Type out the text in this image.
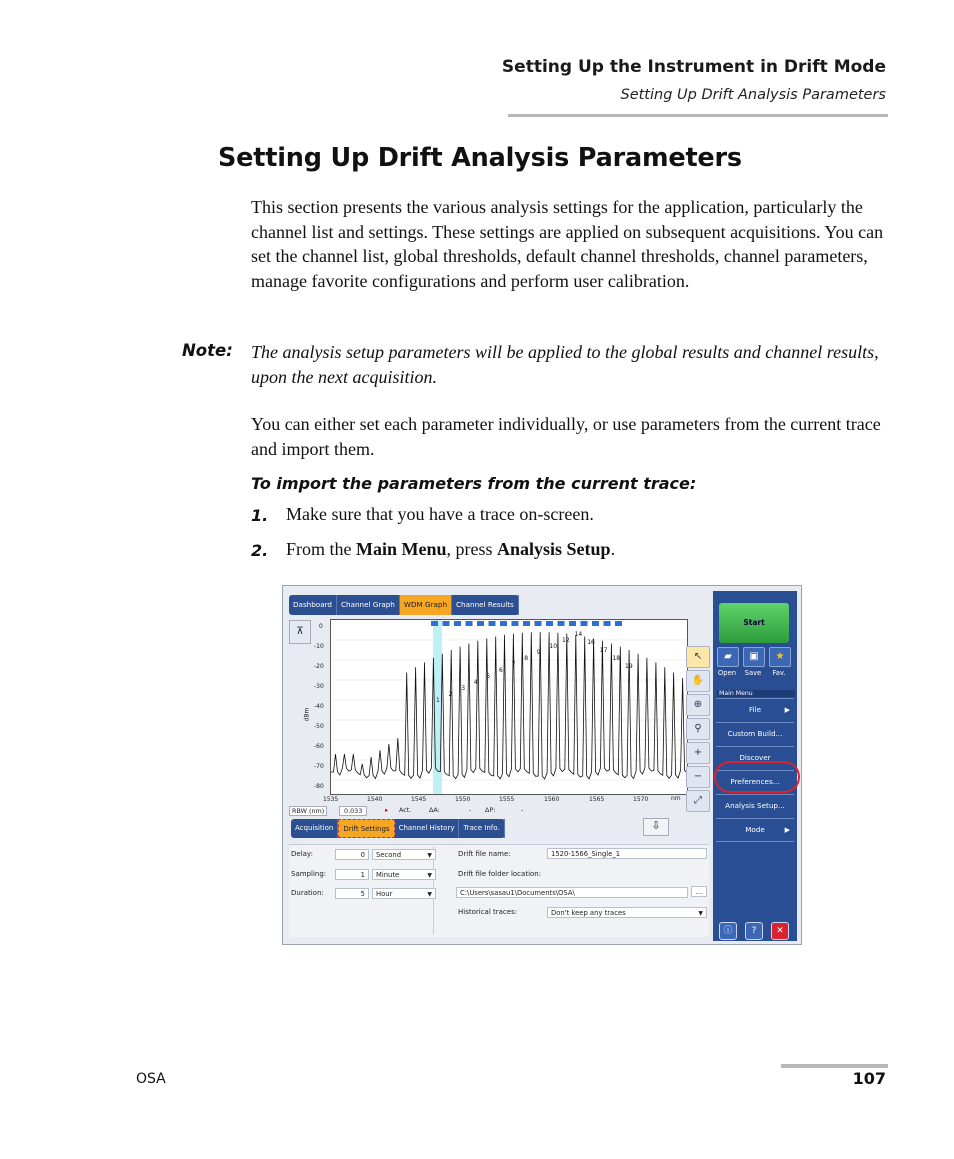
Setting Up the Instrument in Drift Mode
Setting Up Drift Analysis Parameters
Setting Up Drift Analysis Parameters

This section presents the various analysis settings for the application, particularly the channel list and settings. These settings are applied on subsequent acquisitions. You can set the channel list, global thresholds, default channel thresholds, channel parameters, manage favorite configurations and perform user calibration.

Note: The analysis setup parameters will be applied to the global results and channel results, upon the next acquisition.

You can either set each parameter individually, or use parameters from the current trace and import them.

To import the parameters from the current trace:
1. Make sure that you have a trace on-screen.
2. From the Main Menu, press Analysis Setup.
Dashboard	Channel Graph	WDM Graph	Channel Results
⊼
dBm
0
-10
-20
-30
-40
-50
-60
-70
-80
1
2
3
4
5
6
7
8
9
10
12
14
16
17
18
19
1535	1540	1545	1550	1555	1560	1565	1570	nm
↖
✋
⊕
⚲
+
−
⤢
RBW (nm)	0.033	▸ Act.	ΔA:	- ΔP:	-
Acquisition	Drift Settings	Channel History	Trace Info.	⇩
Delay:	0	Second	▼
Sampling:	1	Minute	▼
Duration:	5	Hour	▼
Drift file name:	1520-1566_Single_1
Drift file folder location:
C:\Users\sasau1\Documents\OSA\	...
Historical traces:	Don't keep any traces	▼
Start
▰	▣	★
Open	Save	Fav.
Main Menu
File	▶
Custom Build...
Discover
Preferences...
Analysis Setup...
Mode	▶
ⓘ	?	✕
OSA	107
